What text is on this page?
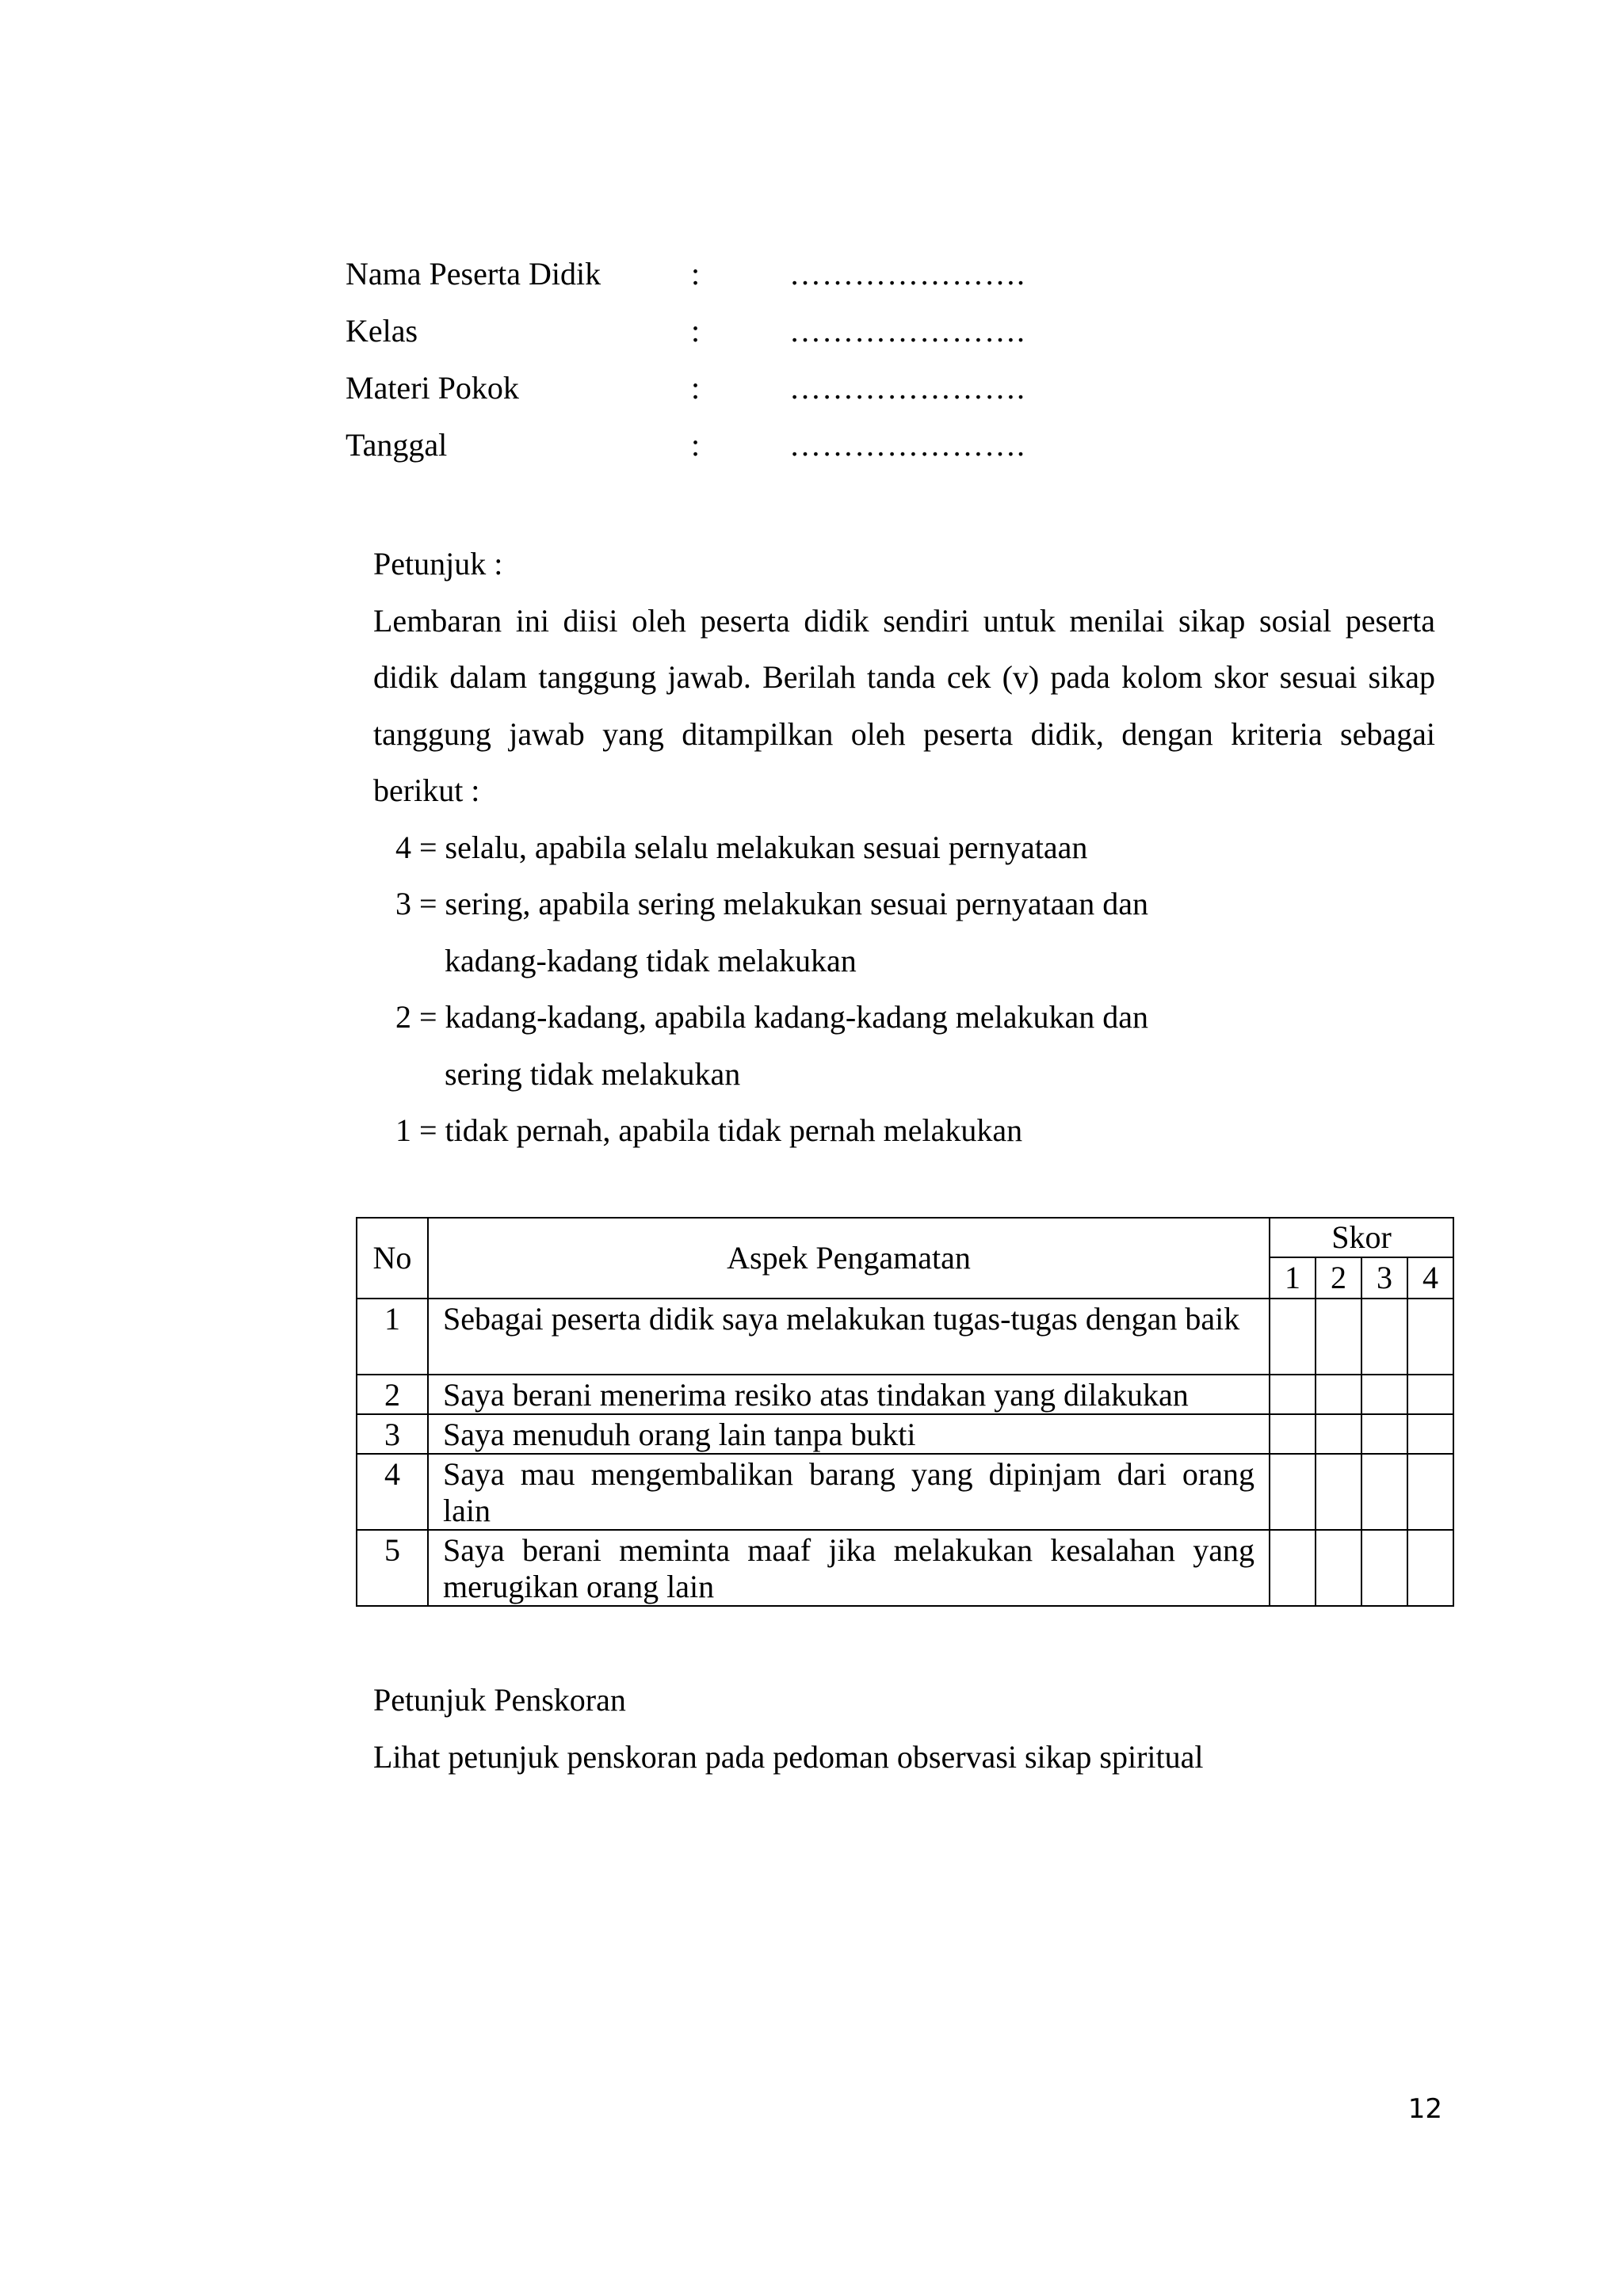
Nama Peserta Didik	:	………………….
Kelas	:	………………….
Materi Pokok	:	………………….
Tanggal	:	………………….

Petunjuk :

Lembaran ini diisi oleh peserta didik sendiri untuk menilai sikap sosial peserta didik dalam tanggung jawab. Berilah tanda cek (v) pada kolom skor sesuai sikap tanggung jawab yang ditampilkan oleh peserta didik, dengan kriteria sebagai berikut :

4 = selalu, apabila selalu melakukan sesuai pernyataan
3 = sering, apabila sering melakukan sesuai pernyataan dan
kadang-kadang tidak melakukan
2 = kadang-kadang, apabila kadang-kadang melakukan dan
sering tidak melakukan
1 = tidak pernah, apabila tidak pernah melakukan
No	Aspek Pengamatan	Skor			
		1	2	3	4
1	Sebagai peserta didik saya melakukan tugas-tugas dengan baik				
2	Saya berani menerima resiko atas tindakan yang dilakukan				
3	Saya menuduh orang lain tanpa bukti				
4	Saya mau mengembalikan barang yang dipinjam dari orang lain				
5	Saya berani meminta maaf jika melakukan kesalahan yang merugikan orang lain				

Petunjuk Penskoran

Lihat petunjuk penskoran pada pedoman observasi sikap spiritual

12
